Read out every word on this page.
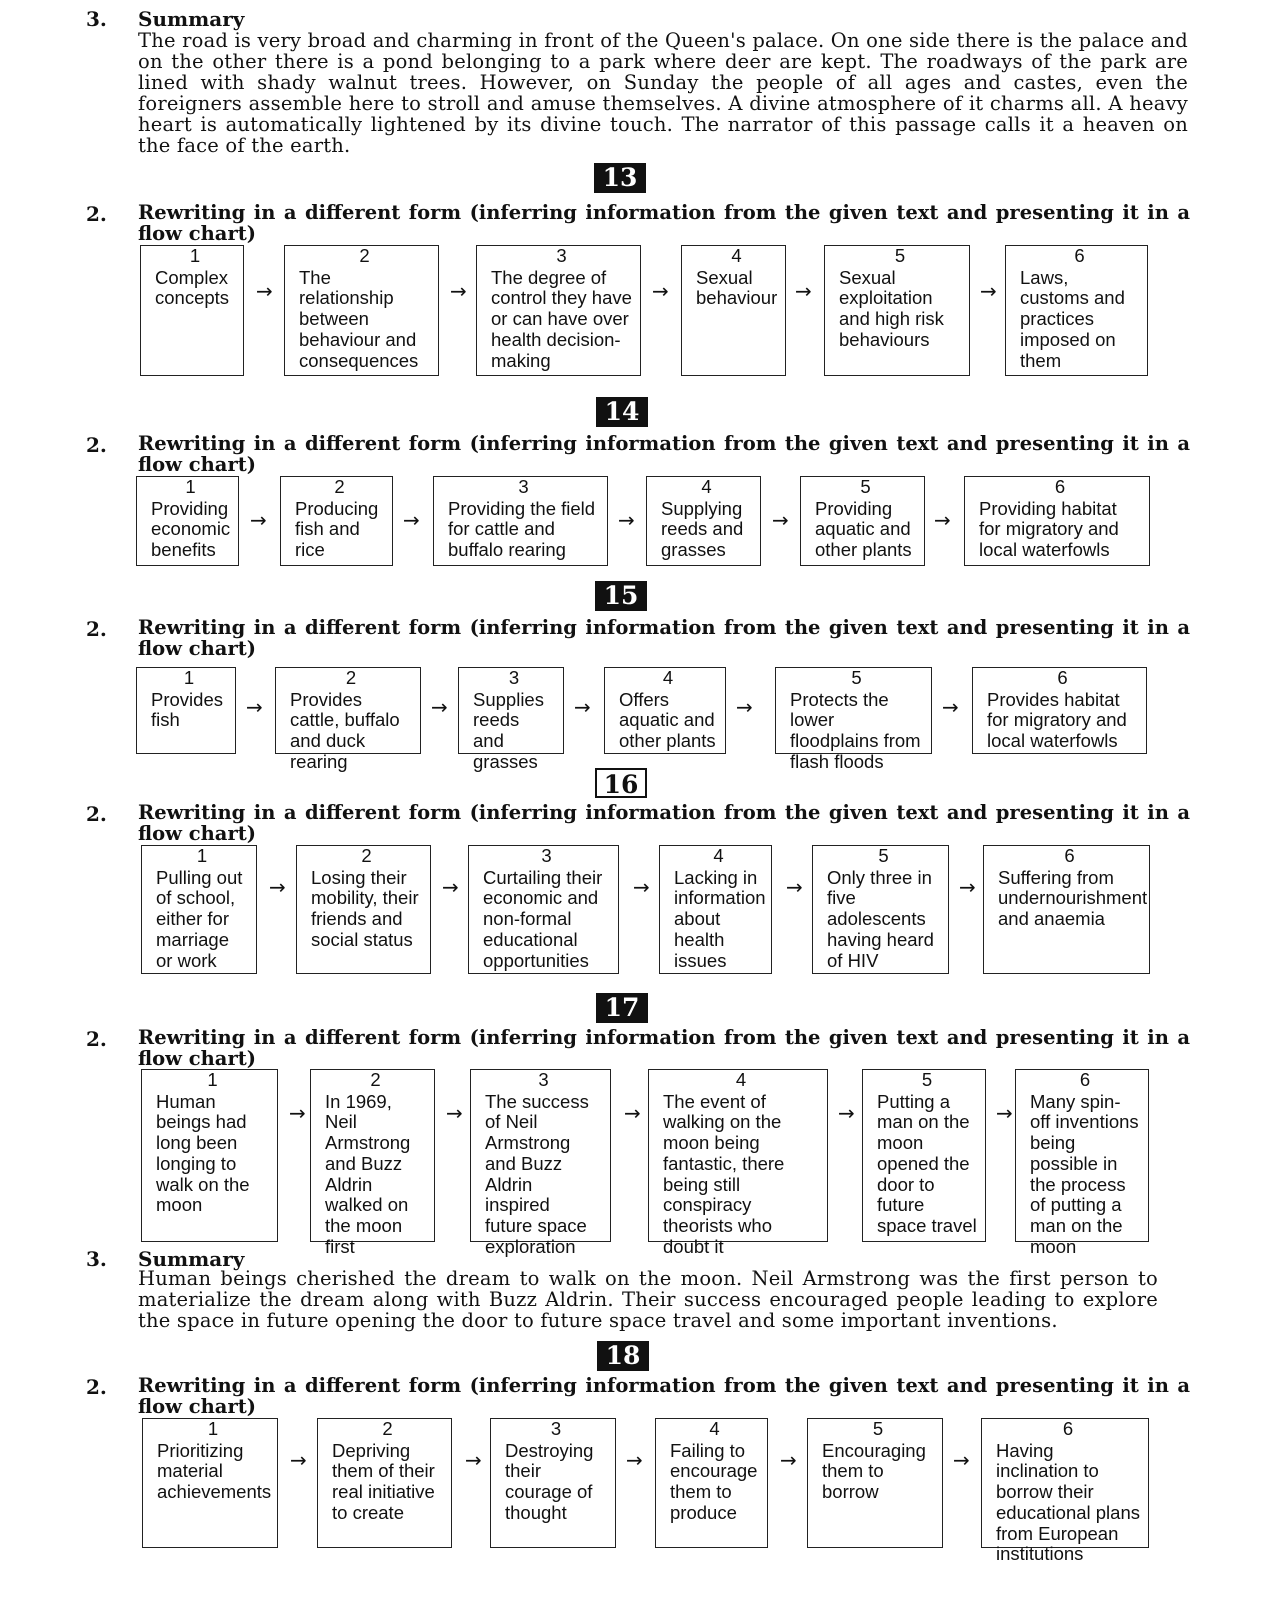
3. Summary
The road is very broad and charming in front of the Queen's palace. On one side there is the palace and on the other there is a pond belonging to a park where deer are kept. The roadways of the park are lined with shady walnut trees. However, on Sunday the people of all ages and castes, even the foreigners assemble here to stroll and amuse themselves. A divine atmosphere of it charms all. A heavy heart is automatically lightened by its divine touch. The narrator of this passage calls it a heaven on the face of the earth.
13
2. Rewriting in a different form (inferring information from the given text and presenting it in a flow chart)
1
Complex concepts →
2
The relationship between behaviour and consequences
→
3
The degree of control they have or can have over health decision-making
→
4
Sexual behaviour →
5
Sexual exploitation and high risk behaviours
→
6
Laws, customs and practices imposed on them
14
2. Rewriting in a different form (inferring information from the given text and presenting it in a flow chart)
1
Providing economic benefits
→
2
Producing fish and rice
→
3
Providing the field for cattle and buffalo rearing
→
4
Supplying reeds and grasses
→
5
Providing aquatic and other plants
→
6
Providing habitat for migratory and local waterfowls
15
2. Rewriting in a different form (inferring information from the given text and presenting it in a flow chart)
1
Provides fish
→
2
Provides cattle, buffalo and duck rearing
→
3
Supplies reeds and grasses
→
4
Offers aquatic and other plants
→
5
Protects the lower floodplains from flash floods
→
6
Provides habitat for migratory and local waterfowls
16
2. Rewriting in a different form (inferring information from the given text and presenting it in a flow chart)
1
Pulling out of school, either for marriage or work
→
2
Losing their mobility, their friends and social status
→
3
Curtailing their economic and non-formal educational opportunities
→
4
Lacking in information about health issues
→
5
Only three in five adolescents having heard of HIV
→
6
Suffering from undernourishment and anaemia
17
2. Rewriting in a different form (inferring information from the given text and presenting it in a flow chart)
1
Human beings had long been longing to walk on the moon
→
2
In 1969, Neil Armstrong and Buzz Aldrin walked on the moon first
→
3
The success of Neil Armstrong and Buzz Aldrin inspired future space exploration
→
4
The event of walking on the moon being fantastic, there being still conspiracy theorists who doubt it
→
5
Putting a man on the moon opened the door to future space travel
→
6
Many spin-off inventions being possible in the process of putting a man on the moon
3. Summary
Human beings cherished the dream to walk on the moon. Neil Armstrong was the first person to materialize the dream along with Buzz Aldrin. Their success encouraged people leading to explore the space in future opening the door to future space travel and some important inventions.
18
2. Rewriting in a different form (inferring information from the given text and presenting it in a flow chart)
1
Prioritizing material achievements
→
2
Depriving them of their real initiative to create
→
3
Destroying their courage of thought
→
4
Failing to encourage them to produce
→
5
Encouraging them to borrow
→
6
Having inclination to borrow their educational plans from European institutions
